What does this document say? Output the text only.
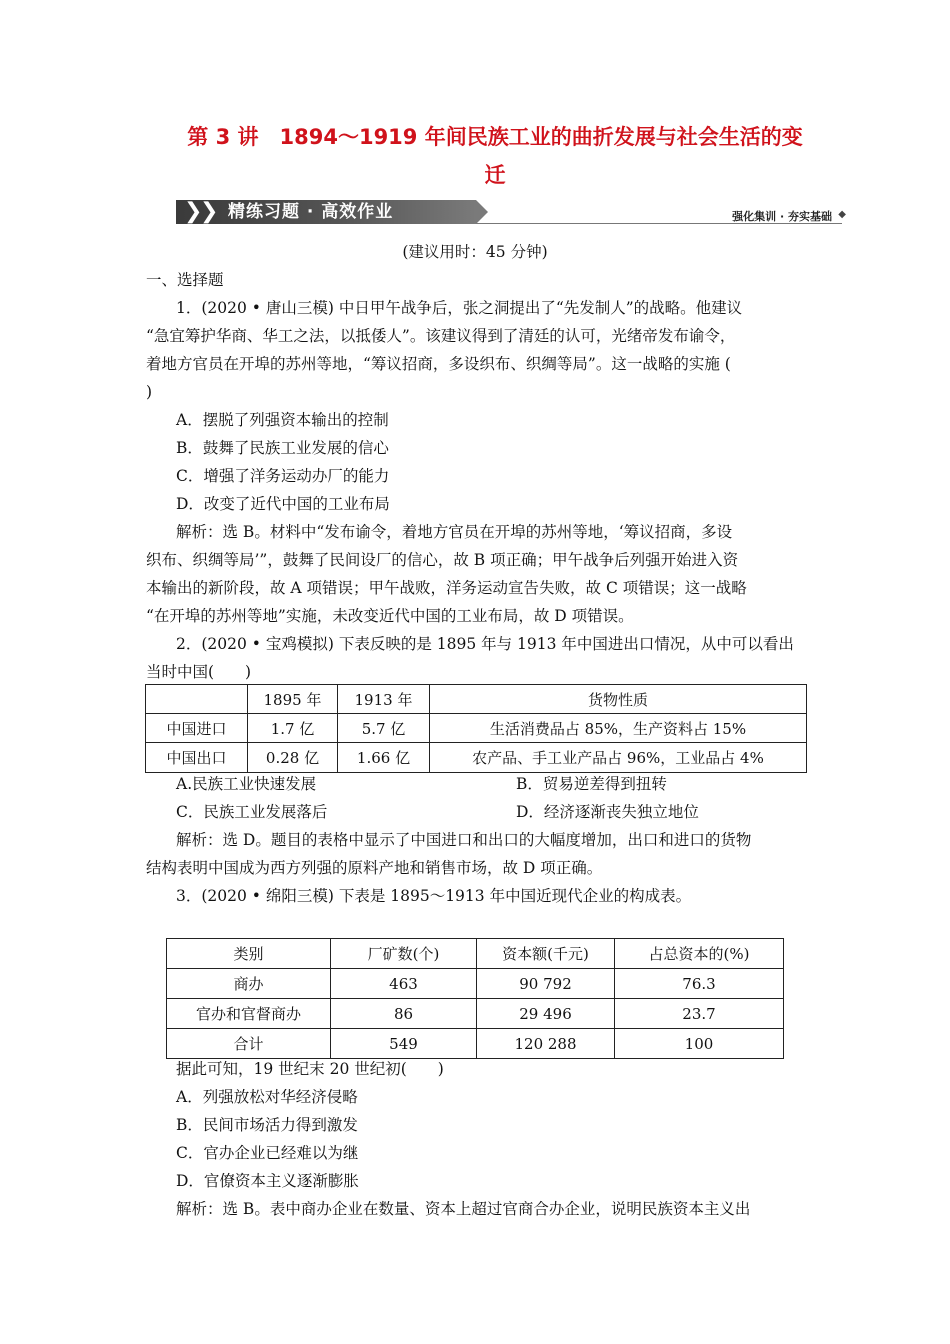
第 3 讲　1894～1919 年间民族工业的曲折发展与社会生活的变
迁
❯
❯ 精练习题 · 高效作业	强化集训 · 夯实基础 ◆
(建议用时：45 分钟)
一、选择题
1．(2020 • 唐山三模) 中日甲午战争后，张之洞提出了“先发制人”的战略。他建议
“急宜筹护华商、华工之法，以抵倭人”。该建议得到了清廷的认可，光绪帝发布谕令，
着地方官员在开埠的苏州等地，“筹议招商，多设织布、织绸等局”。这一战略的实施 (
)
A．摆脱了列强资本输出的控制
B．鼓舞了民族工业发展的信心
C．增强了洋务运动办厂的能力
D．改变了近代中国的工业布局
解析：选 B。材料中“发布谕令，着地方官员在开埠的苏州等地，‘筹议招商，多设
织布、织绸等局’”，鼓舞了民间设厂的信心，故 B 项正确；甲午战争后列强开始进入资
本输出的新阶段，故 A 项错误；甲午战败，洋务运动宣告失败，故 C 项错误；这一战略
“在开埠的苏州等地”实施，未改变近代中国的工业布局，故 D 项错误。
2．(2020 • 宝鸡模拟) 下表反映的是 1895 年与 1913 年中国进出口情况，从中可以看出
当时中国(　　)
	1895 年	1913 年	货物性质
中国进口	1.7 亿	5.7 亿	生活消费品占 85%，生产资料占 15%
中国出口	0.28 亿	1.66 亿	农产品、手工业产品占 96%，工业品占 4%
A.民族工业快速发展	B．贸易逆差得到扭转
C．民族工业发展落后	D．经济逐渐丧失独立地位
解析：选 D。题目的表格中显示了中国进口和出口的大幅度增加，出口和进口的货物
结构表明中国成为西方列强的原料产地和销售市场，故 D 项正确。
3．(2020 • 绵阳三模) 下表是 1895～1913 年中国近现代企业的构成表。
类别	厂矿数(个)	资本额(千元)	占总资本的(%)
商办	463	90 792	76.3
官办和官督商办	86	29 496	23.7
合计	549	120 288	100
据此可知，19 世纪末 20 世纪初(　　)
A．列强放松对华经济侵略
B．民间市场活力得到激发
C．官办企业已经难以为继
D．官僚资本主义逐渐膨胀
解析：选 B。表中商办企业在数量、资本上超过官商合办企业，说明民族资本主义出
